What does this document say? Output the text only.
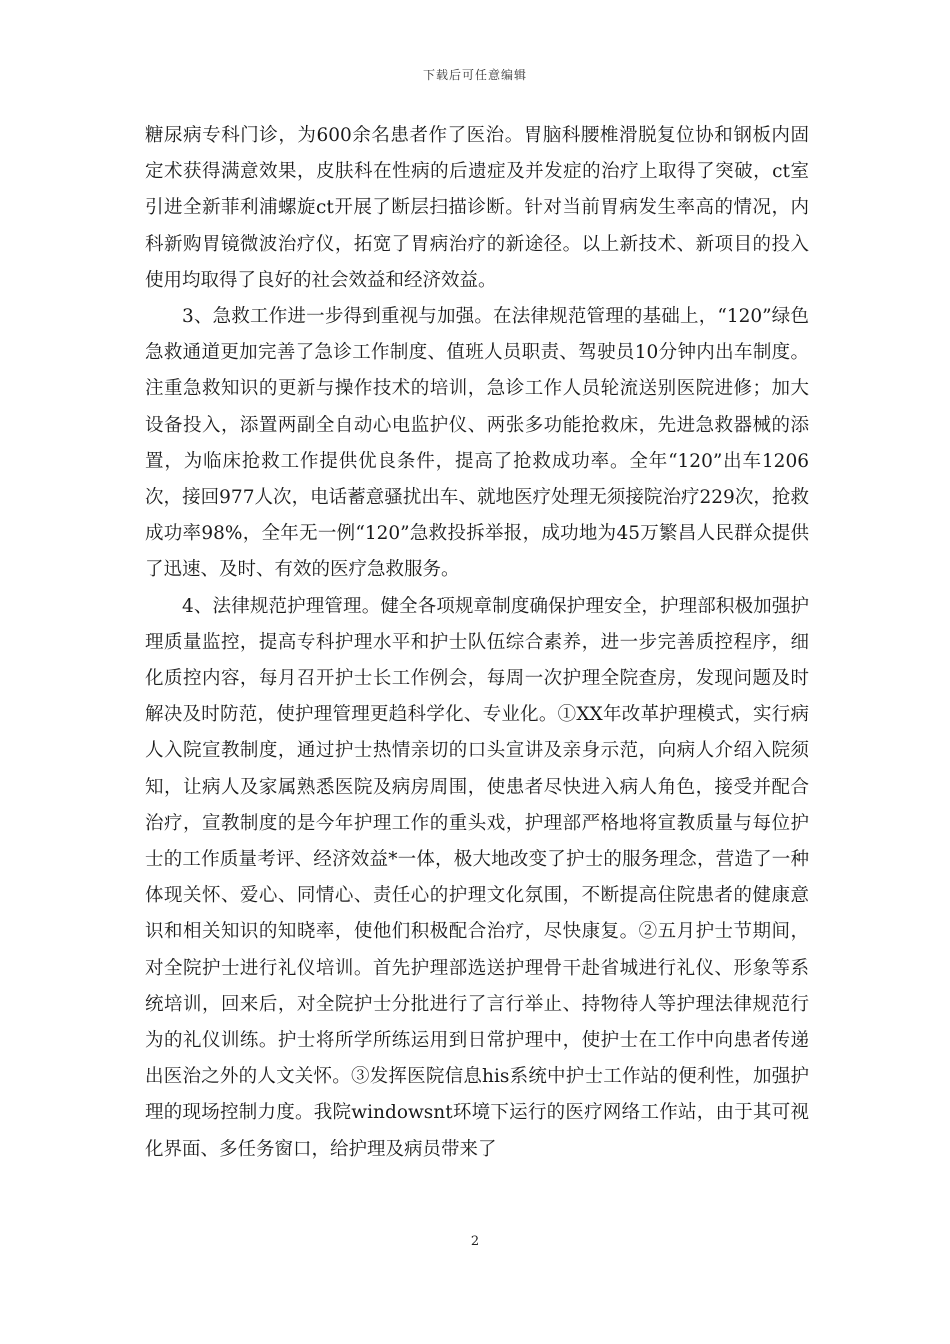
下载后可任意编辑

糖尿病专科门诊，为600余名患者作了医治。胃脑科腰椎滑脱复位协和钢板内固定术获得满意效果，皮肤科在性病的后遗症及并发症的治疗上取得了突破，ct室引进全新菲利浦螺旋ct开展了断层扫描诊断。针对当前胃病发生率高的情况，内科新购胃镜微波治疗仪，拓宽了胃病治疗的新途径。以上新技术、新项目的投入使用均取得了良好的社会效益和经济效益。

3、急救工作进一步得到重视与加强。在法律规范管理的基础上，“120”绿色急救通道更加完善了急诊工作制度、值班人员职责、驾驶员10分钟内出车制度。注重急救知识的更新与操作技术的培训，急诊工作人员轮流送别医院进修；加大设备投入，添置两副全自动心电监护仪、两张多功能抢救床，先进急救器械的添置，为临床抢救工作提供优良条件，提高了抢救成功率。全年“120”出车1206次，接回977人次，电话蓄意骚扰出车、就地医疗处理无须接院治疗229次，抢救成功率98%，全年无一例“120”急救投拆举报，成功地为45万繁昌人民群众提供了迅速、及时、有效的医疗急救服务。

4、法律规范护理管理。健全各项规章制度确保护理安全，护理部积极加强护理质量监控，提高专科护理水平和护士队伍综合素养，进一步完善质控程序，细化质控内容，每月召开护士长工作例会，每周一次护理全院查房，发现问题及时解决及时防范，使护理管理更趋科学化、专业化。①XX年改革护理模式，实行病人入院宣教制度，通过护士热情亲切的口头宣讲及亲身示范，向病人介绍入院须知，让病人及家属熟悉医院及病房周围，使患者尽快进入病人角色，接受并配合治疗，宣教制度的是今年护理工作的重头戏，护理部严格地将宣教质量与每位护士的工作质量考评、经济效益*一体，极大地改变了护士的服务理念，营造了一种体现关怀、爱心、同情心、责任心的护理文化氛围，不断提高住院患者的健康意识和相关知识的知晓率，使他们积极配合治疗，尽快康复。②五月护士节期间，对全院护士进行礼仪培训。首先护理部选送护理骨干赴省城进行礼仪、形象等系统培训，回来后，对全院护士分批进行了言行举止、持物待人等护理法律规范行为的礼仪训练。护士将所学所练运用到日常护理中，使护士在工作中向患者传递出医治之外的人文关怀。③发挥医院信息his系统中护士工作站的便利性，加强护理的现场控制力度。我院windowsnt环境下运行的医疗网络工作站，由于其可视化界面、多任务窗口，给护理及病员带来了

2
